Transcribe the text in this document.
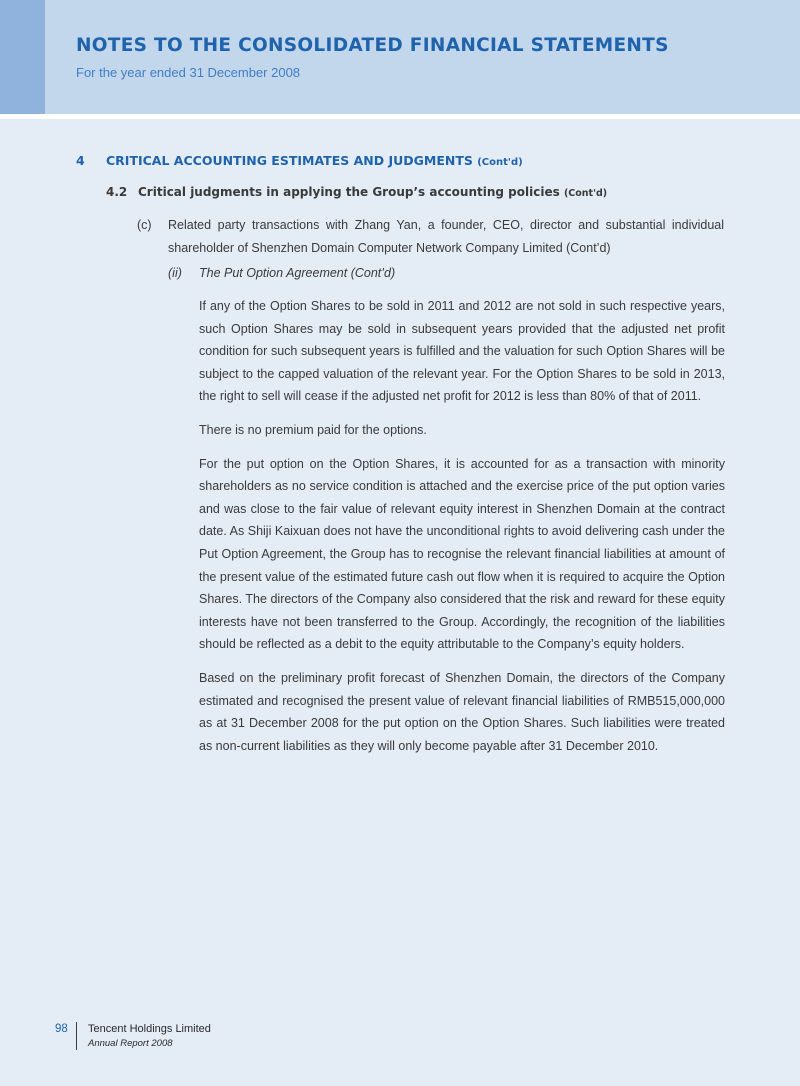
NOTES TO THE CONSOLIDATED FINANCIAL STATEMENTS
For the year ended 31 December 2008
4 CRITICAL ACCOUNTING ESTIMATES AND JUDGMENTS (Cont'd)
4.2 Critical judgments in applying the Group’s accounting policies (Cont'd)
(c) Related party transactions with Zhang Yan, a founder, CEO, director and substantial individual shareholder of Shenzhen Domain Computer Network Company Limited (Cont’d)
(ii) The Put Option Agreement (Cont’d)

If any of the Option Shares to be sold in 2011 and 2012 are not sold in such respective years, such Option Shares may be sold in subsequent years provided that the adjusted net profit condition for such subsequent years is fulfilled and the valuation for such Option Shares will be subject to the capped valuation of the relevant year. For the Option Shares to be sold in 2013, the right to sell will cease if the adjusted net profit for 2012 is less than 80% of that of 2011.

There is no premium paid for the options.

For the put option on the Option Shares, it is accounted for as a transaction with minority shareholders as no service condition is attached and the exercise price of the put option varies and was close to the fair value of relevant equity interest in Shenzhen Domain at the contract date. As Shiji Kaixuan does not have the unconditional rights to avoid delivering cash under the Put Option Agreement, the Group has to recognise the relevant financial liabilities at amount of the present value of the estimated future cash out flow when it is required to acquire the Option Shares. The directors of the Company also considered that the risk and reward for these equity interests have not been transferred to the Group. Accordingly, the recognition of the liabilities should be reflected as a debit to the equity attributable to the Company’s equity holders.

Based on the preliminary profit forecast of Shenzhen Domain, the directors of the Company estimated and recognised the present value of relevant financial liabilities of RMB515,000,000 as at 31 December 2008 for the put option on the Option Shares. Such liabilities were treated as non-current liabilities as they will only become payable after 31 December 2010.

98 Tencent Holdings Limited
Annual Report 2008
